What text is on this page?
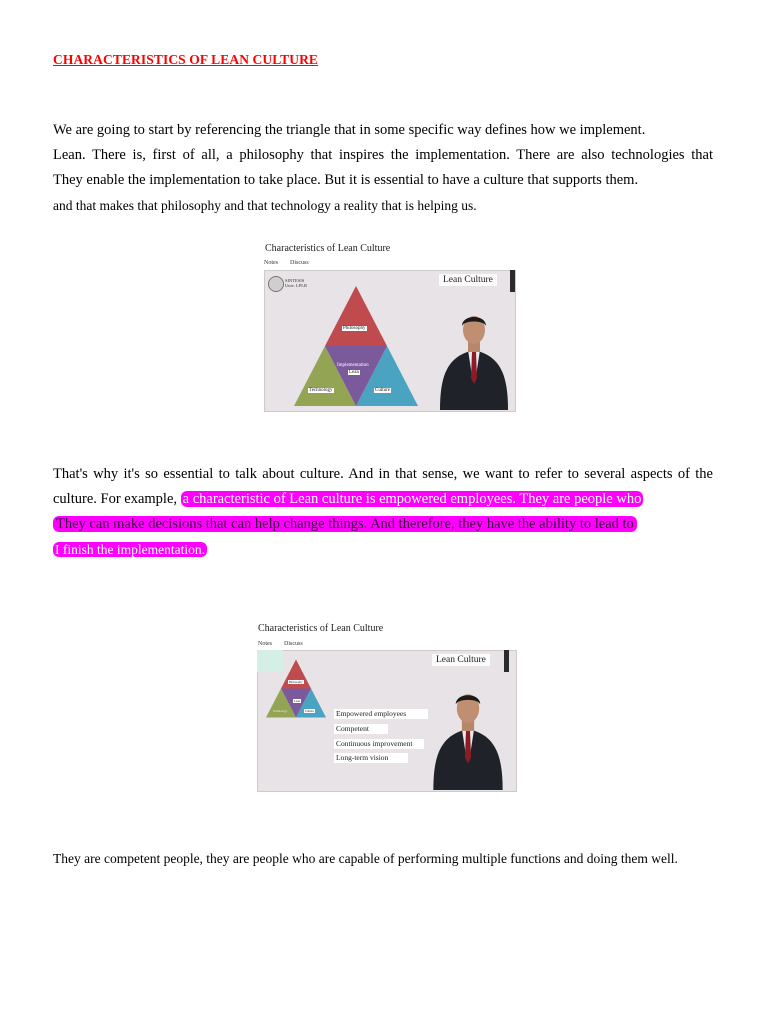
CHARACTERISTICS OF LEAN CULTURE
We are going to start by referencing the triangle that in some specific way defines how we implement.
Lean. There is, first of all, a philosophy that inspires the implementation. There are also technologies that
They enable the implementation to take place. But it is essential to have a culture that supports them.
and that makes that philosophy and that technology a reality that is helping us.
Characteristics of Lean Culture
Notes Discuss
SINTESIS
Univ. LPLR
Lean Culture
Philosophy
Implementation
Lean
Technology	Culture
That's why it's so essential to talk about culture. And in that sense, we want to refer to several aspects of the
culture. For example, a characteristic of Lean culture is empowered employees. They are people who
They can make decisions that can help change things. And therefore, they have the ability to lead to
I finish the implementation.
Characteristics of Lean Culture
Notes Discuss
Lean Culture
Philosophy
Lean
Technology	Culture	Empowered employees
Competent
Continuous improvement
Long-term vision
They are competent people, they are people who are capable of performing multiple functions and doing them well.
